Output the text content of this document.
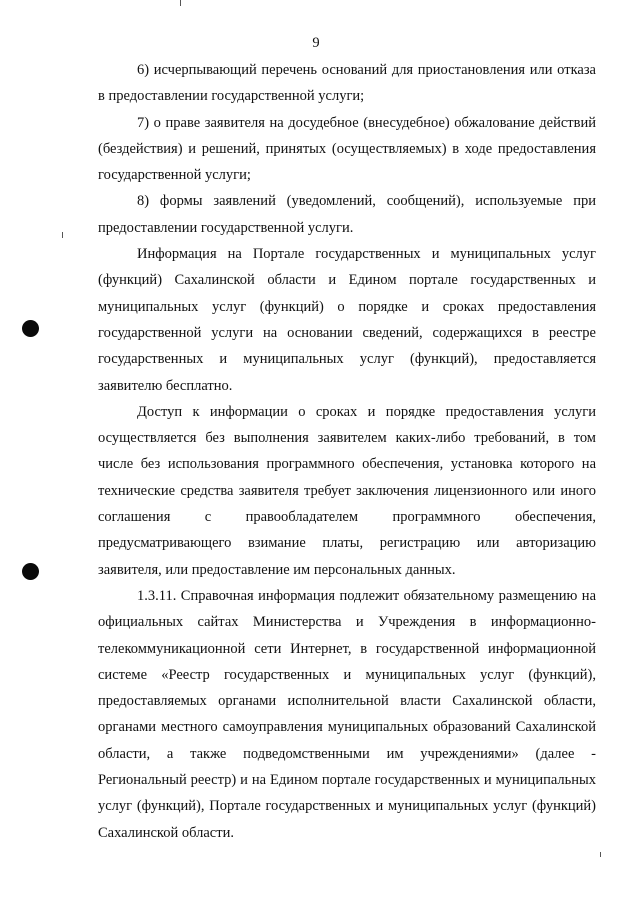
9

6) исчерпывающий перечень оснований для приостановления или отказа в предоставлении государственной услуги;

7) о праве заявителя на досудебное (внесудебное) обжалование действий (бездействия) и решений, принятых (осуществляемых) в ходе предоставления государственной услуги;

8) формы заявлений (уведомлений, сообщений), используемые при предоставлении государственной услуги.

Информация на Портале государственных и муниципальных услуг (функций) Сахалинской области и Едином портале государственных и муниципальных услуг (функций) о порядке и сроках предоставления государственной услуги на основании сведений, содержащихся в реестре государственных и муниципальных услуг (функций), предоставляется заявителю бесплатно.

Доступ к информации о сроках и порядке предоставления услуги осуществляется без выполнения заявителем каких-либо требований, в том числе без использования программного обеспечения, установка которого на технические средства заявителя требует заключения лицензионного или иного соглашения с правообладателем программного обеспечения, предусматривающего взимание платы, регистрацию или авторизацию заявителя, или предоставление им персональных данных.

1.3.11. Справочная информация подлежит обязательному размещению на официальных сайтах Министерства и Учреждения в информационно-телекоммуникационной сети Интернет, в государственной информационной системе «Реестр государственных и муниципальных услуг (функций), предоставляемых органами исполнительной власти Сахалинской области, органами местного самоуправления муниципальных образований Сахалинской области, а также подведомственными им учреждениями» (далее - Региональный реестр) и на Едином портале государственных и муниципальных услуг (функций), Портале государственных и муниципальных услуг (функций) Сахалинской области.
